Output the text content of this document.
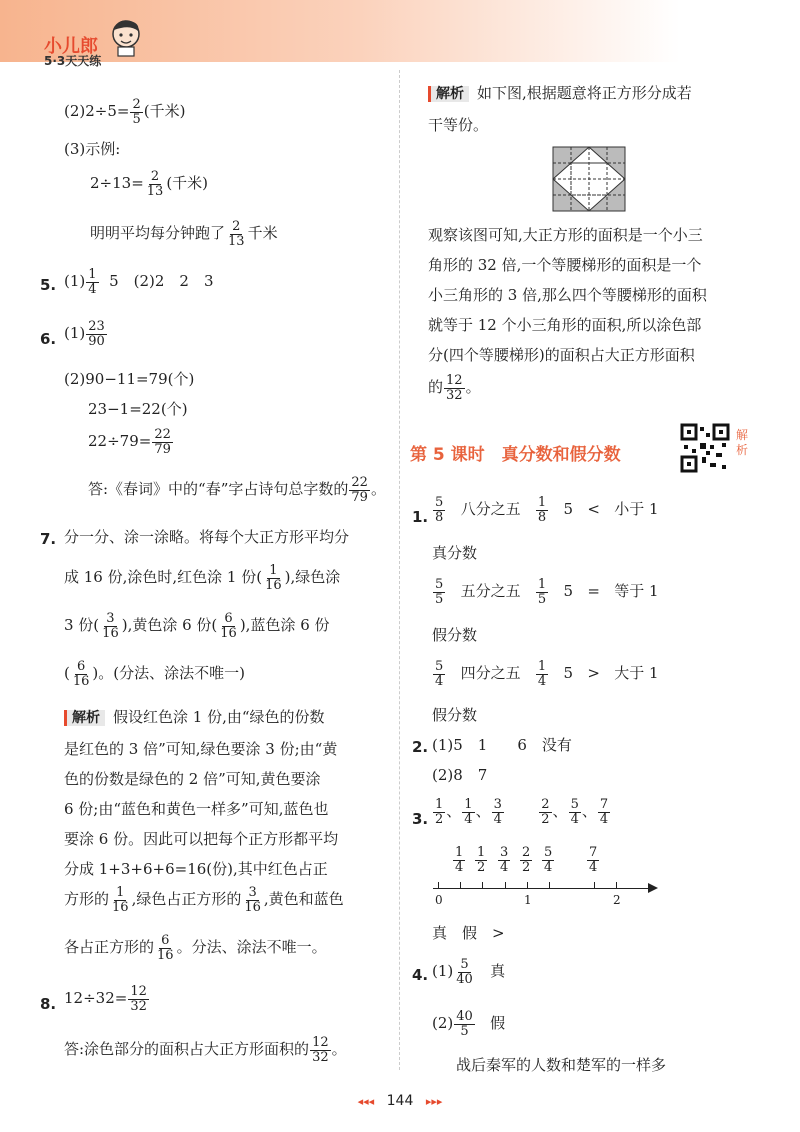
小儿郎
5·3天天练
$(2)2\div 5= \frac{2}{5}$ (千米)
(3)示例:
$2\div 13= \frac{2}{13}$ (千米)
明明平均每分钟跑了 $\frac{2}{13}$ 千米
5. $(1) \frac{1}{4} 5$　(2)2　2　3
6. $(1) \frac{23}{90}$
(2)90−11=79(个)
23−1=22(个)
$22\div 79= \frac{22}{79}$
答:《春词》中的“春”字占诗句总字数的 $\frac{22}{79}$ 。
7. 分一分、涂一涂略。将每个大正方形平均分
成 16 份,涂色时,红色涂 1 份( $\frac{1}{16}$ ),绿色涂
3 份( $\frac{3}{16}$ ),黄色涂 6 份( $\frac{6}{16}$ ),蓝色涂 6 份
( $\frac{6}{16}$ )。(分法、涂法不唯一)
解析 假设红色涂 1 份,由“绿色的份数
是红色的 3 倍”可知,绿色要涂 3 份;由“黄
色的份数是绿色的 2 倍”可知,黄色要涂
6 份;由“蓝色和黄色一样多”可知,蓝色也
要涂 6 份。因此可以把每个正方形都平均
分成 1+3+6+6=16(份),其中红色占正
方形的 $\frac{1}{16}$ ,绿色占正方形的 $\frac{3}{16}$ ,黄色和蓝色
各占正方形的 $\frac{6}{16}$ 。分法、涂法不唯一。
8. $12\div 32= \frac{12}{32}$
答:涂色部分的面积占大正方形面积的 $\frac{12}{32}$ 。
解析 如下图,根据题意将正方形分成若
干等份。
观察该图可知,大正方形的面积是一个小三
角形的 32 倍,一个等腰梯形的面积是一个
小三角形的 3 倍,那么四个等腰梯形的面积
就等于 12 个小三角形的面积,所以涂色部
分(四个等腰梯形)的面积占大正方形面积
的 $\frac{12}{32}$ 。
第 5 课时　真分数和假分数
解析
1. $\frac{5}{8}$ 八分之五 $\frac{1}{8} 5$ < 小于 1
真分数
$\frac{5}{5}$ 五分之五 $\frac{1}{5} 5$ = 等于 1
假分数
$\frac{5}{4}$ 四分之五 $\frac{1}{4} 5$ > 大于 1
假分数
2. (1)5　1　　6　没有
(2)8　7
3. $\frac{1}{2}$ 、 $\frac{1}{4}$ 、 $\frac{3}{4}$
	$\frac{2}{2}$ 、 $\frac{5}{4}$ 、 $\frac{7}{4}$
1
4
1
2
3
4
2
2
5
4
7
4
0	1	2
真　假　>
4. $(1) \frac{5}{40}$ 真
$(2) \frac{40}{5}$ 假
战后秦军的人数和楚军的一样多
◂◂◂ 144 ▸▸▸
